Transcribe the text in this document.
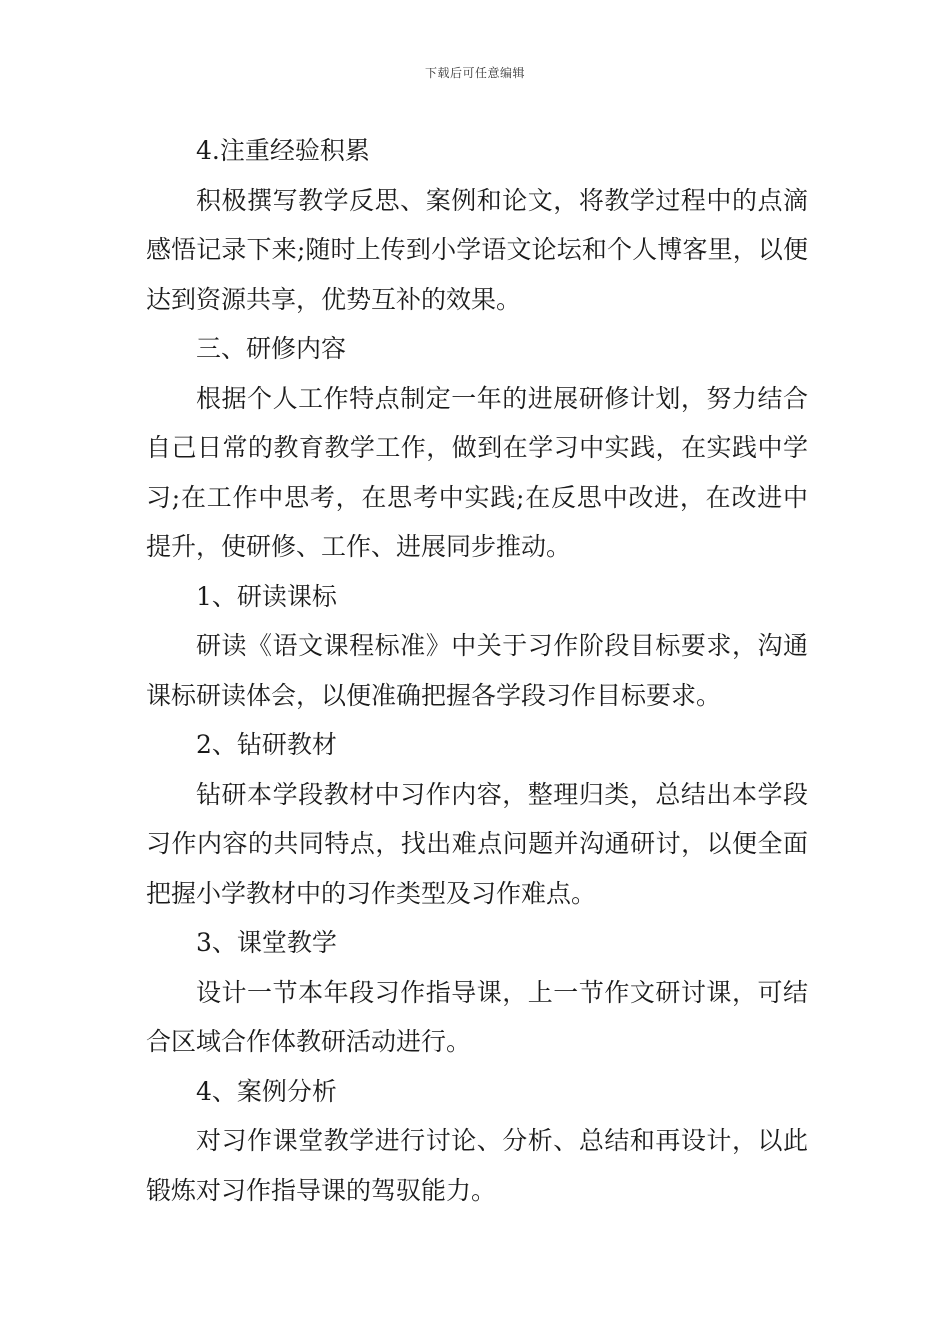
下载后可任意编辑

4.注重经验积累

积极撰写教学反思、案例和论文，将教学过程中的点滴感悟记录下来;随时上传到小学语文论坛和个人博客里，以便达到资源共享，优势互补的效果。

三、研修内容

根据个人工作特点制定一年的进展研修计划，努力结合自己日常的教育教学工作，做到在学习中实践，在实践中学习;在工作中思考，在思考中实践;在反思中改进，在改进中提升，使研修、工作、进展同步推动。

1、研读课标

研读《语文课程标准》中关于习作阶段目标要求，沟通课标研读体会，以便准确把握各学段习作目标要求。

2、钻研教材

钻研本学段教材中习作内容，整理归类，总结出本学段习作内容的共同特点，找出难点问题并沟通研讨，以便全面把握小学教材中的习作类型及习作难点。

3、课堂教学

设计一节本年段习作指导课，上一节作文研讨课，可结合区域合作体教研活动进行。

4、案例分析

对习作课堂教学进行讨论、分析、总结和再设计，以此锻炼对习作指导课的驾驭能力。
